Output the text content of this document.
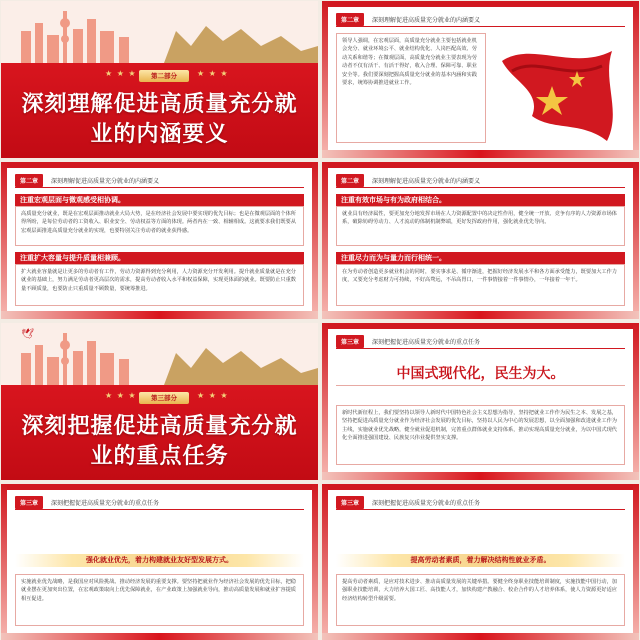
★ ★ ★	第二部分	★ ★ ★
深刻理解促进高质量充分就业的内涵要义
第二章	深刻理解促进高质量充分就业的内涵要义
领导人强调，在宏观层面，高质量充分就业主要包括就业机会充分、就业环境公平、就业结构优化、人岗匹配高效、劳动关系和谐等；在微观层面，高质量充分就业主要表现为劳动者不仅有活干、有活干得好，收入合理、保障可靠、职业安全等。我们要深刻把握高质量充分就业的基本内涵和实践要求，统筹协调推进就业工作。
第二章	深刻理解促进高质量充分就业的内涵要义
注重宏观层面与微观感受相协调。
高质量充分就业，既是在宏观层面推动就业大局大势，是在经济社会发展中要实现的优先目标；也是在微观层面的个体所得所盼，是每位劳动者的工资收入、职业安全、劳动权益等方面的体现。两者内在一致、相辅相成。这就要求我们既要从宏观层面推进高质量充分就业的实现，也要特别关注劳动者的就业获得感。
注重扩大容量与提升质量相兼顾。
扩大就业容量就是让更多的劳动者有工作，劳动力资源得到充分利用，人力资源充分开发利用。提升就业质量就是在充分就业的基础上，努力满足劳动者更高层次的需求，提高劳动者收入水平和权益保障，实现更体面的就业。既要防止只重数量不顾质量，也要防止只重质量不顾数量，要统筹推进。
第二章	深刻理解促进高质量充分就业的内涵要义
注重有效市场与有为政府相结合。
就业具有经济属性，要更加充分地发挥市场在人力资源配置中的决定性作用，健全统一开放、竞争有序的人力资源市场体系，破除妨碍劳动力、人才流动的体制机制弊端，更好发挥政府作用，强化就业优先导向。
注重尽力而为与量力而行相统一。
在为劳动者创造更多就业机会的同时，要实事求是、循序渐进，把握好经济发展水平和各方面承受能力，既要加大工作力度，又要充分考虑财力可持续，不好高骛远，不吊高胃口，一件事情接着一件事情办，一年接着一年干。
🕊
★ ★ ★	第三部分	★ ★ ★
深刻把握促进高质量充分就业的重点任务
第三章	深刻把握促进高质量充分就业的重点任务
中国式现代化，民生为大。
新时代新征程上，我们要坚持以领导人新时代中国特色社会主义思想为指导，坚持把就业工作作为民生之本、发展之基，坚持把促进高质量充分就业作为经济社会发展的优先目标，坚持以人民为中心的发展思想，以全面加强和改进就业工作为主线，实施就业优先战略，健全就业促进机制，完善重点群体就业支持体系，推动实现高质量充分就业，为以中国式现代化全面推进强国建设、民族复兴伟业提供坚实支撑。
第三章	深刻把握促进高质量充分就业的重点任务
强化就业优先，着力构建就业友好型发展方式。
实施就业优先战略，是我国应对风险挑战、推动经济发展的重要支撑。要坚持把就业作为经济社会发展的优先目标，把稳就业摆在更加突出位置，在宏观政策取向上优先保障就业，在产业政策上加强就业导向，推动高质量发展和就业扩容提质相互促进。
第三章	深刻把握促进高质量充分就业的重点任务
提高劳动者素质，着力解决结构性就业矛盾。
提高劳动者素质，是应对技术进步、推动高质量发展的关键举措。要健全终身职业技能培训制度，实施技能中国行动，加强职业技能培训，大力培养大国工匠、高技能人才，加快构建产教融合、校企合作的人才培养体系，使人力资源更好适应经济结构转型升级需要。
